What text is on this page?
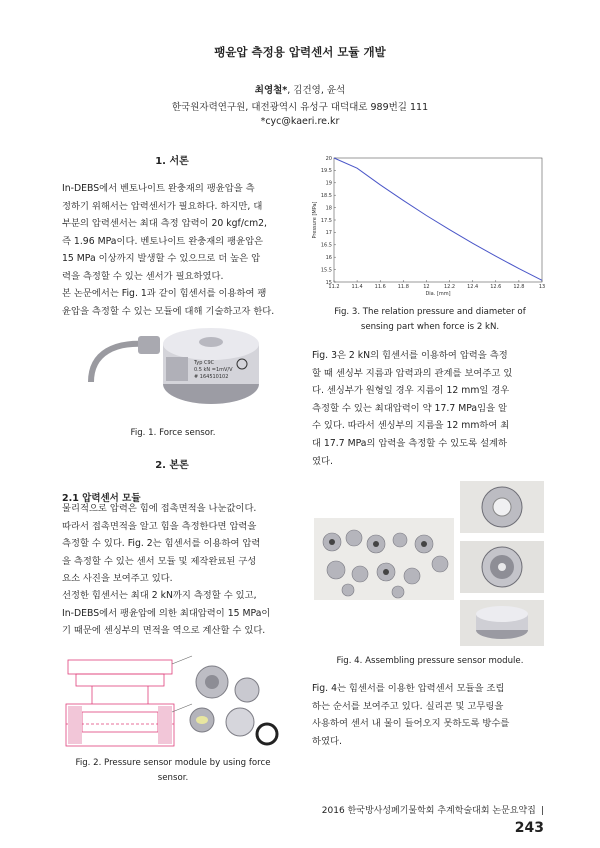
팽윤압 측정용 압력센서 모듈 개발
최영철*, 김건영, 윤석
한국원자력연구원, 대전광역시 유성구 대덕대로 989번길 111
*cyc@kaeri.re.kr
1. 서론
In-DEBS에서 벤토나이트 완충재의 팽윤압을 측
정하기 위해서는 압력센서가 필요하다. 하지만, 대
부분의 압력센서는 최대 측정 압력이 20 kgf/cm2,
즉 1.96 MPa이다. 벤토나이트 완충재의 팽윤압은
15 MPa 이상까지 발생할 수 있으므로 더 높은 압
력을 측정할 수 있는 센서가 필요하였다.
본 논문에서는 Fig. 1과 같이 힘센서를 이용하여 팽
윤압을 측정할 수 있는 모듈에 대해 기술하고자 한다.
Typ C9C
0.5 kN =1mV/V
# 164510102
Fig. 1. Force sensor.
2. 본론
2.1 압력센서 모듈
물리적으로 압력은 힘에 접촉면적을 나눈값이다.
따라서 접촉면적을 알고 힘을 측정한다면 압력을
측정할 수 있다. Fig. 2는 힘센서를 이용하여 압력
을 측정할 수 있는 센서 모듈 및 제작완료된 구성
요소 사진을 보여주고 있다.
선정한 힘센서는 최대 2 kN까지 측정할 수 있고,
In-DEBS에서 팽윤압에 의한 최대압력이 15 MPa이
기 때문에 센싱부의 면적을 역으로 계산할 수 있다.
Fig. 2. Pressure sensor module by using force
sensor.
15
15.5
16
16.5
17
17.5
18
18.5
19
19.5
20
11.2 11.4 11.6 11.8	12	12.2 12.4 12.6 12.8	13
Pressure [MPa]
Dia. [mm]
Fig. 3. The relation pressure and diameter of
sensing part when force is 2 kN.
Fig. 3은 2 kN의 힘센서를 이용하여 압력을 측정
할 때 센싱부 지름과 압력과의 관계를 보여주고 있
다. 센싱부가 원형일 경우 지름이 12 mm일 경우
측정할 수 있는 최대압력이 약 17.7 MPa임을 알
수 있다. 따라서 센싱부의 지름을 12 mm하여 최
대 17.7 MPa의 압력을 측정할 수 있도록 설계하
였다.
Fig. 4. Assembling pressure sensor module.
Fig. 4는 힘센서를 이용한 압력센서 모듈을 조립
하는 순서를 보여주고 있다. 실리콘 및 고무링을
사용하여 센서 내 물이 들어오지 못하도록 방수를
하였다.
2016 한국방사성폐기물학회 추계학술대회 논문요약집 | 243
